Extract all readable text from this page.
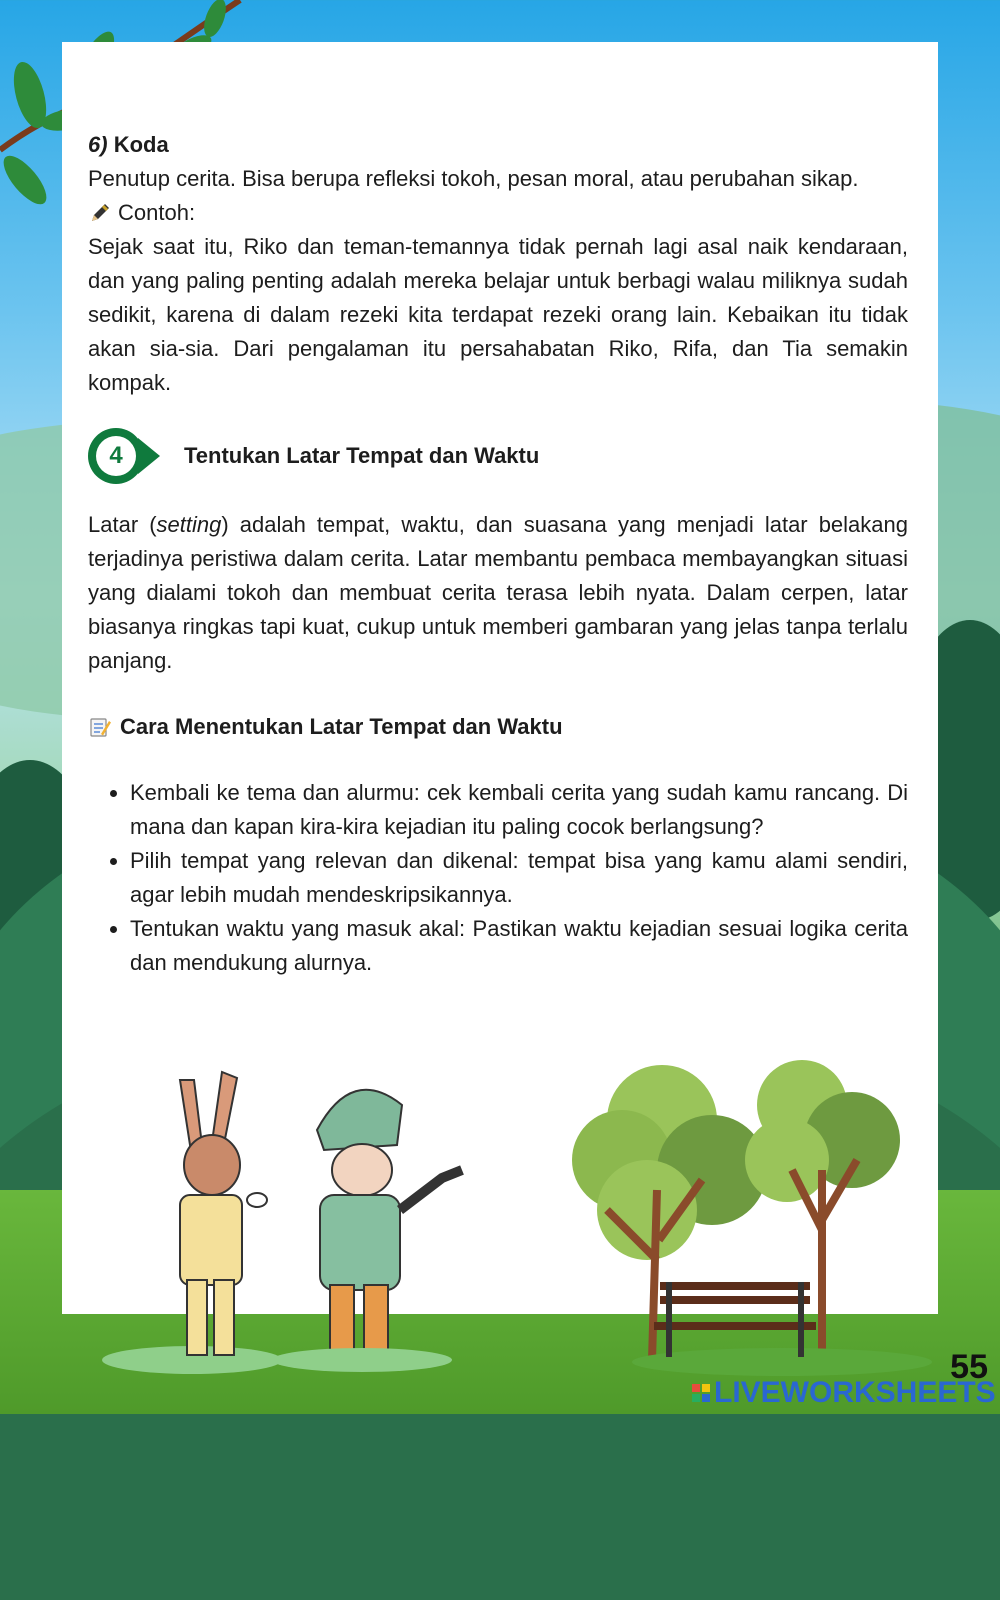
6) Koda

Penutup cerita. Bisa berupa refleksi tokoh, pesan moral, atau perubahan sikap.

Contoh:

Sejak saat itu, Riko dan teman-temannya tidak pernah lagi asal naik kendaraan, dan yang paling penting adalah mereka belajar untuk berbagi walau miliknya sudah sedikit, karena di dalam rezeki kita terdapat rezeki orang lain. Kebaikan itu tidak akan sia-sia. Dari pengalaman itu persahabatan Riko, Rifa, dan Tia semakin kompak.

4	Tentukan Latar Tempat dan Waktu

Latar (setting) adalah tempat, waktu, dan suasana yang menjadi latar belakang terjadinya peristiwa dalam cerita. Latar membantu pembaca membayangkan situasi yang dialami tokoh dan membuat cerita terasa lebih nyata. Dalam cerpen, latar biasanya ringkas tapi kuat, cukup untuk memberi gambaran yang jelas tanpa terlalu panjang.

Cara Menentukan Latar Tempat dan Waktu
• Kembali ke tema dan alurmu: cek kembali cerita yang sudah kamu rancang. Di mana dan kapan kira-kira kejadian itu paling cocok berlangsung?
• Pilih tempat yang relevan dan dikenal: tempat bisa yang kamu alami sendiri, agar lebih mudah mendeskripsikannya.
• Tentukan waktu yang masuk akal: Pastikan waktu kejadian sesuai logika cerita dan mendukung alurnya.
55
LIVEWORKSHEETS
